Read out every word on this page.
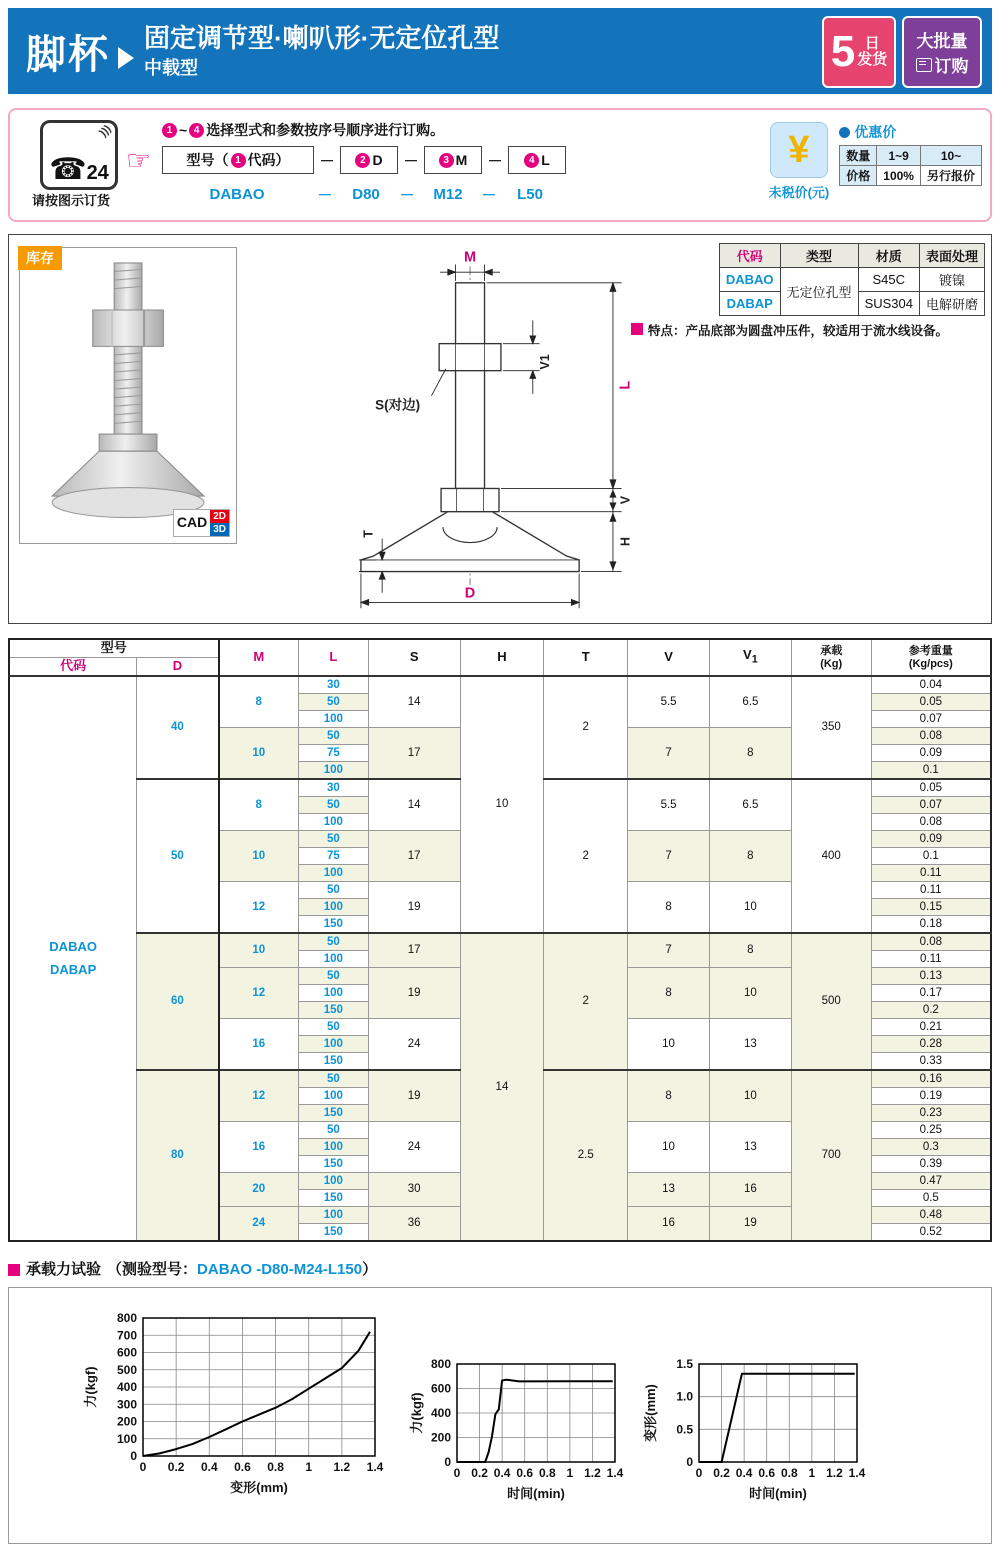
脚杯 固定调节型·喇叭形·无定位孔型
中载型	5 日
发货
大批量
订购
)))
☎ 24
请按图示订货
☞
1 ~ 4 选择型式和参数按序号顺序进行订购。
型号（ 1 代码）	－	2 D	－	3 M	－	4 L
DABAO	－	D80	－	M12	－	L50
¥
未税价(元)
优惠价
数量	1~9	10~
价格	100%	另行报价
库存
CAD 2D
3D
M
V1
L
V
H
S(对边)
T
D
代码	类型	材质	表面处理
DABAO	无定位孔型	S45C	镀镍
DABAP		SUS304	电解研磨
特点：产品底部为圆盘冲压件，较适用于流水线设备。
型号	M	L	S	H	T	V	$V_1$	
承载
(Kg)

参考重量
(Kg/pcs)

代码	D									

DABAO
DABAP	40	8	30	14	10	2	5.5	6.5	350	0.04
			50							0.05
			100							0.07
		10	50	17			7	8		0.08
			75							0.09
			100							0.1
	50	8	30	14		2	5.5	6.5	400	0.05
			50							0.07
			100							0.08
		10	50	17			7	8		0.09
			75							0.1
			100							0.11
		12	50	19			8	10		0.11
			100							0.15
			150							0.18
	60	10	50	17	14	2	7	8	500	0.08
			100							0.11
		12	50	19			8	10		0.13
			100							0.17
			150							0.2
		16	50	24			10	13		0.21
			100							0.28
			150							0.33
	80	12	50	19		2.5	8	10	700	0.16
			100							0.19
			150							0.23
		16	50	24			10	13		0.25
			100							0.3
			150							0.39
		20	100	30			13	16		0.47
			150							0.5
		24	100	36			16	19		0.48
			150							0.52
承载力试验 （测验型号：DABAO -D80-M24-L150）
0 0.2 0.4 0.6 0.8 1 1.2 1.4
0
100
200
300
400
500
600
700
800
变形(mm)
力(kgf)
0 0.2 0.4 0.6 0.8 1 1.2 1.4
0
200
400
600
800
时间(min)
力(kgf)
0 0.2 0.4 0.6 0.8 1 1.2 1.4
0
0.5
1.0
1.5
时间(min)
变形(mm)
